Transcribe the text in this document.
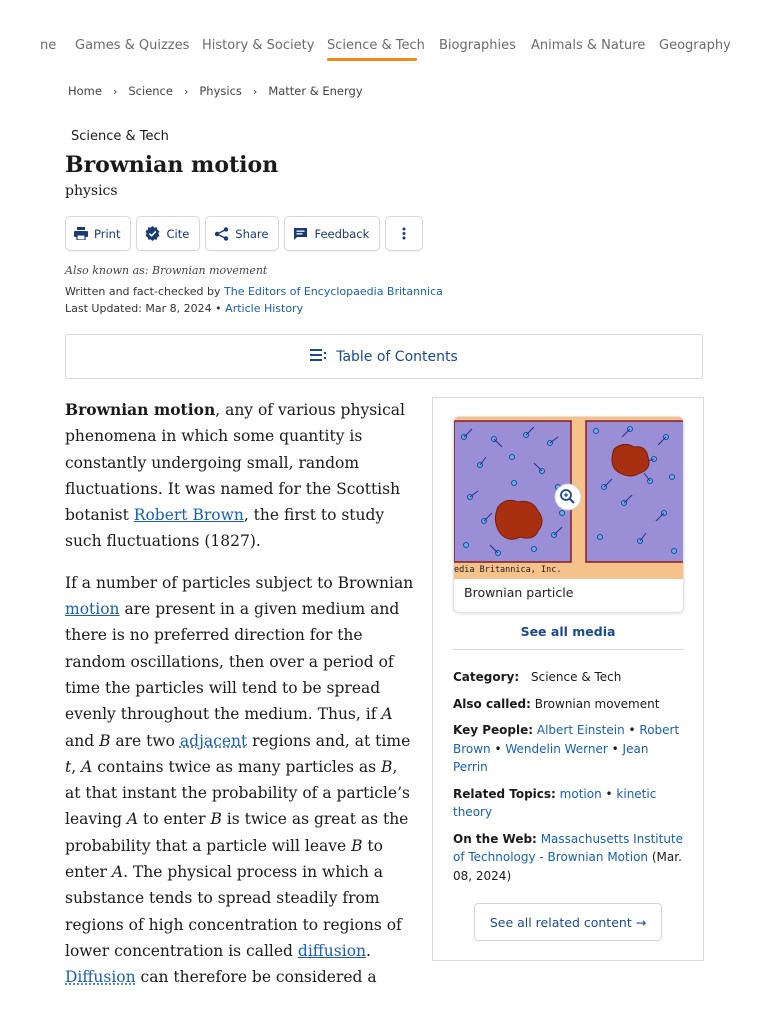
ne Games & Quizzes History & Society Science & Tech Biographies Animals & Nature Geography
Home › Science › Physics › Matter & Energy
Science & Tech
Brownian motion
physics
Print	Cite	Share	Feedback
Also known as: Brownian movement
Written and fact-checked by The Editors of Encyclopaedia Britannica
Last Updated: Mar 8, 2024 • Article History
Table of Contents

Brownian motion, any of various physical phenomena in which some quantity is constantly undergoing small, random fluctuations. It was named for the Scottish botanist Robert Brown, the first to study such fluctuations (1827).

If a number of particles subject to Brownian motion are present in a given medium and there is no preferred direction for the random oscillations, then over a period of time the particles will tend to be spread evenly throughout the medium. Thus, if A and B are two adjacent regions and, at time t, A contains twice as many particles as B, at that instant the probability of a particle’s leaving A to enter B is twice as great as the probability that a particle will leave B to enter A. The physical process in which a substance tends to spread steadily from regions of high concentration to regions of lower concentration is called diffusion. Diffusion can therefore be considered a

edia Britannica, Inc.
Brownian particle
See all media
Category: Science & Tech
Also called: Brownian movement
Key People: Albert Einstein • Robert Brown • Wendelin Werner • Jean Perrin
Related Topics: motion • kinetic theory
On the Web: Massachusetts Institute of Technology - Brownian Motion (Mar. 08, 2024)
See all related content →
